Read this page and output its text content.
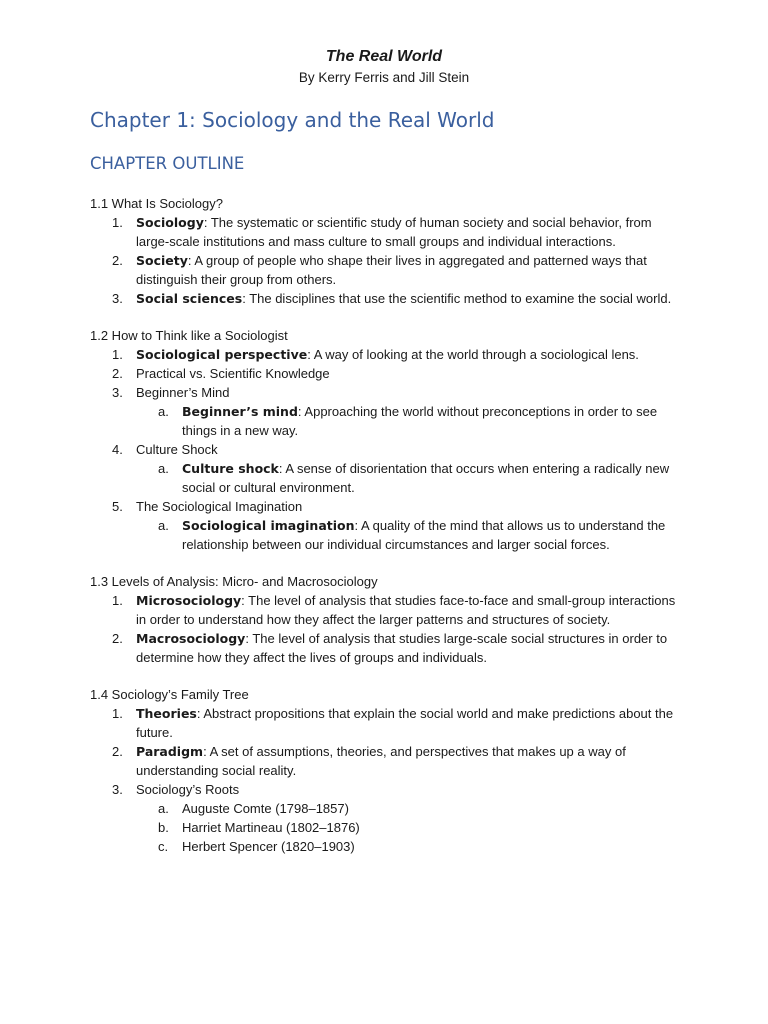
The Real World

By Kerry Ferris and Jill Stein

Chapter 1: Sociology and the Real World
CHAPTER OUTLINE

1.1 What Is Sociology?

1.	Sociology: The systematic or scientific study of human society and social behavior, from large-scale institutions and mass culture to small groups and individual interactions.
2.	Society: A group of people who shape their lives in aggregated and patterned ways that distinguish their group from others.
3.	Social sciences: The disciplines that use the scientific method to examine the social world.

1.2 How to Think like a Sociologist

1.	Sociological perspective: A way of looking at the world through a sociological lens.
2.	Practical vs. Scientific Knowledge
3.	Beginner’s Mind
a.	Beginner’s mind: Approaching the world without preconceptions in order to see things in a new way.
4.	Culture Shock
a.	Culture shock: A sense of disorientation that occurs when entering a radically new social or cultural environment.
5.	The Sociological Imagination
a.	Sociological imagination: A quality of the mind that allows us to understand the relationship between our individual circumstances and larger social forces.

1.3 Levels of Analysis: Micro- and Macrosociology

1.	Microsociology: The level of analysis that studies face-to-face and small-group interactions in order to understand how they affect the larger patterns and structures of society.
2.	Macrosociology: The level of analysis that studies large-scale social structures in order to determine how they affect the lives of groups and individuals.

1.4 Sociology’s Family Tree

1.	Theories: Abstract propositions that explain the social world and make predictions about the future.
2.	Paradigm: A set of assumptions, theories, and perspectives that makes up a way of understanding social reality.
3.	Sociology’s Roots
a.	Auguste Comte (1798–1857)
b.	Harriet Martineau (1802–1876)
c.	Herbert Spencer (1820–1903)
